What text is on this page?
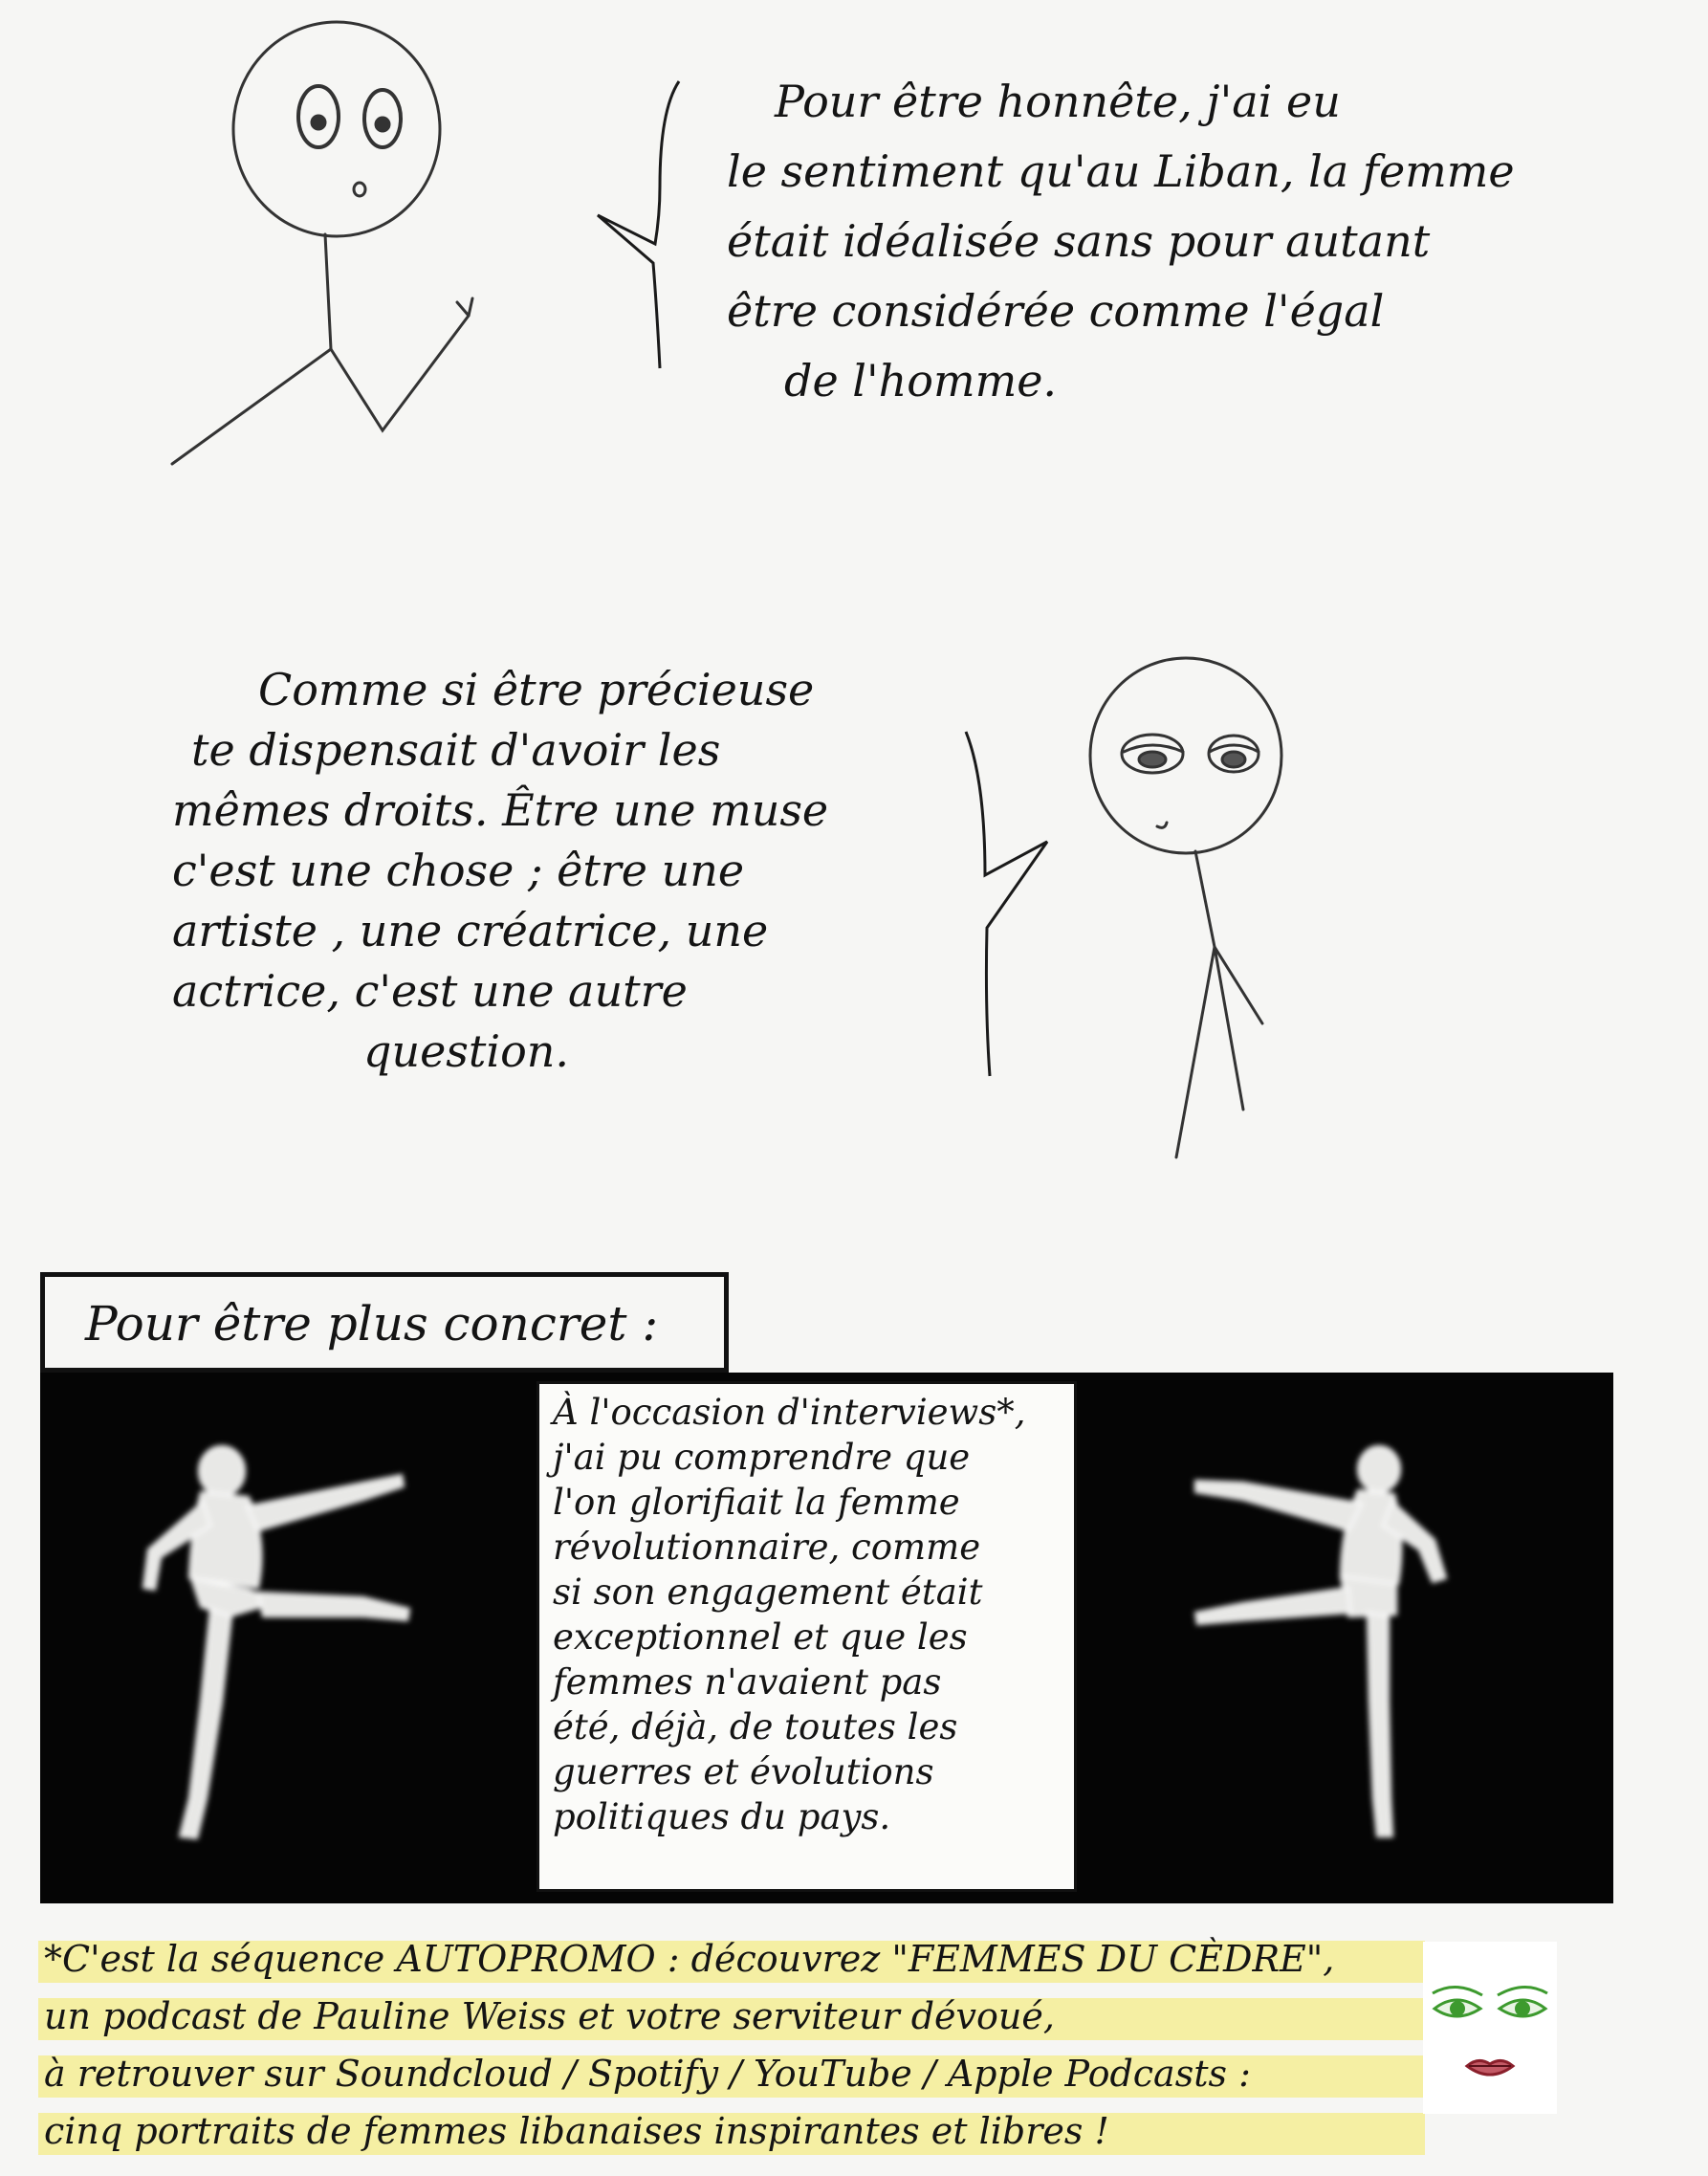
Pour être honnête, j'ai eu
le sentiment qu'au Liban, la femme
était idéalisée sans pour autant
être considérée comme l'égal
de l'homme.
Comme si être précieuse
te dispensait d'avoir les
mêmes droits. Être une muse
c'est une chose ; être une
artiste , une créatrice, une
actrice, c'est une autre
question.
Pour être plus concret :
À l'occasion d'interviews*,
j'ai pu comprendre que
l'on glorifiait la femme
révolutionnaire, comme
si son engagement était
exceptionnel et que les
femmes n'avaient pas
été, déjà, de toutes les
guerres et évolutions
politiques du pays.
*C'est la séquence AUTOPROMO : découvrez "FEMMES DU CÈDRE",
un podcast de Pauline Weiss et votre serviteur dévoué,
à retrouver sur Soundcloud / Spotify / YouTube / Apple Podcasts :
cinq portraits de femmes libanaises inspirantes et libres !
